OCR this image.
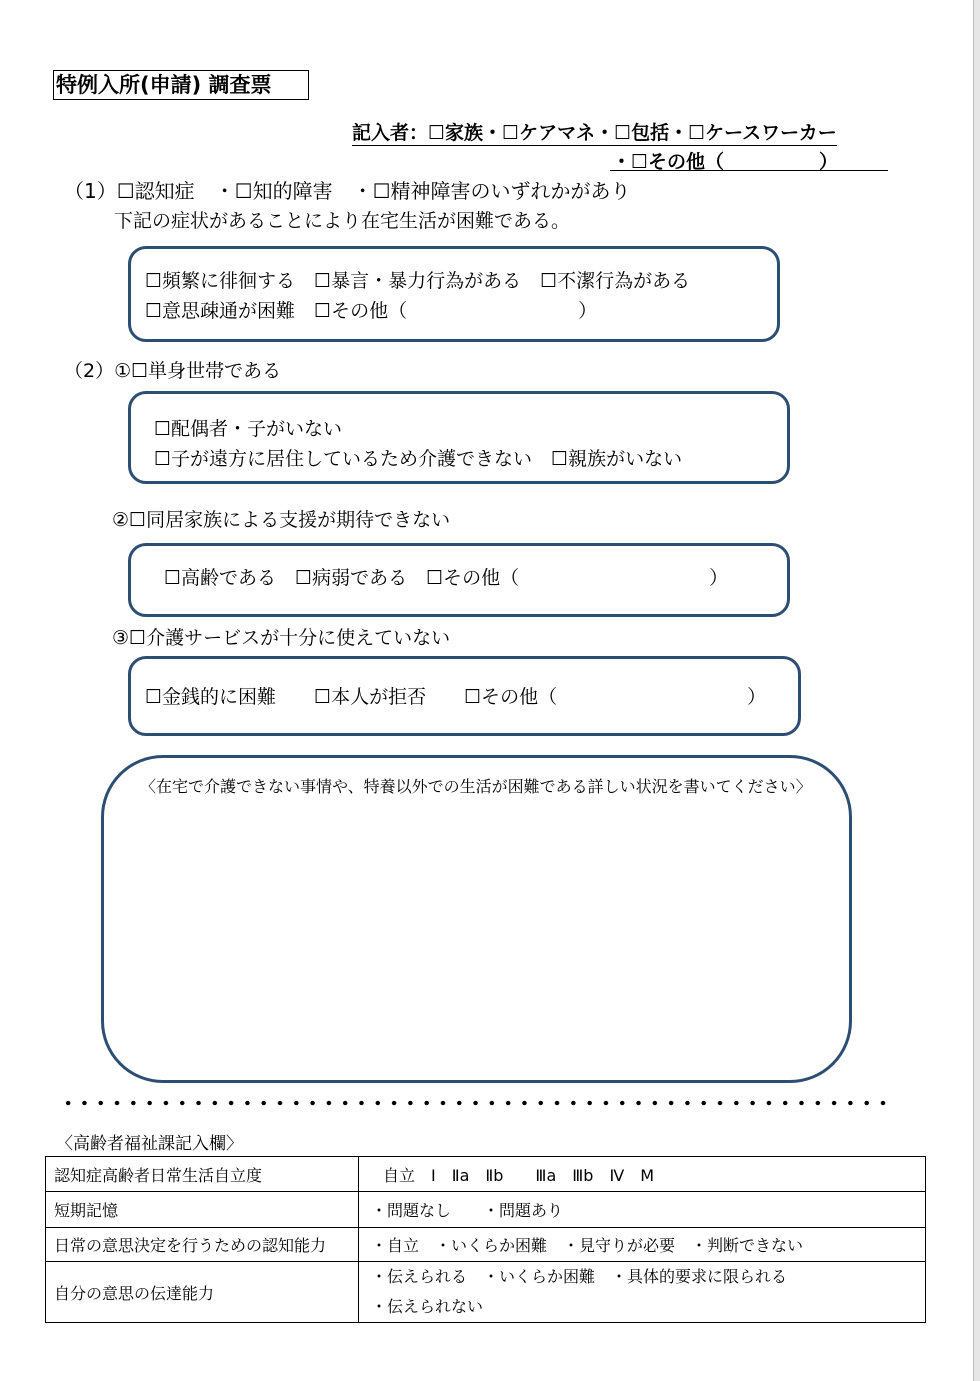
特例入所(申請) 調査票
記入者：☐家族・☐ケアマネ・☐包括・☐ケースワーカー
・☐その他（　　　　　）
（1）☐認知症　・☐知的障害　・☐精神障害のいずれかがあり
下記の症状があることにより在宅生活が困難である。
☐頻繁に徘徊する　☐暴言・暴力行為がある　☐不潔行為がある
☐意思疎通が困難　☐その他（　　　　　　　　　）
（2）①☐単身世帯である
☐配偶者・子がいない
☐子が遠方に居住しているため介護できない　☐親族がいない
②☐同居家族による支援が期待できない
☐高齢である　☐病弱である　☐その他（　　　　　　　　　　）
③☐介護サービスが十分に使えていない
☐金銭的に困難　　☐本人が拒否　　☐その他（　　　　　　　　　　）
〈在宅で介護できない事情や、特養以外での生活が困難である詳しい状況を書いてください〉
〈高齢者福祉課記入欄〉
認知症高齢者日常生活自立度	自立　Ⅰ　Ⅱa　Ⅱb　　Ⅲa　Ⅲb　Ⅳ　M
短期記憶	・問題なし　　・問題あり
日常の意思決定を行うための認知能力	・自立　・いくらか困難　・見守りが必要　・判断できない
自分の意思の伝達能力	・伝えられる　・いくらか困難　・具体的要求に限られる
・伝えられない
